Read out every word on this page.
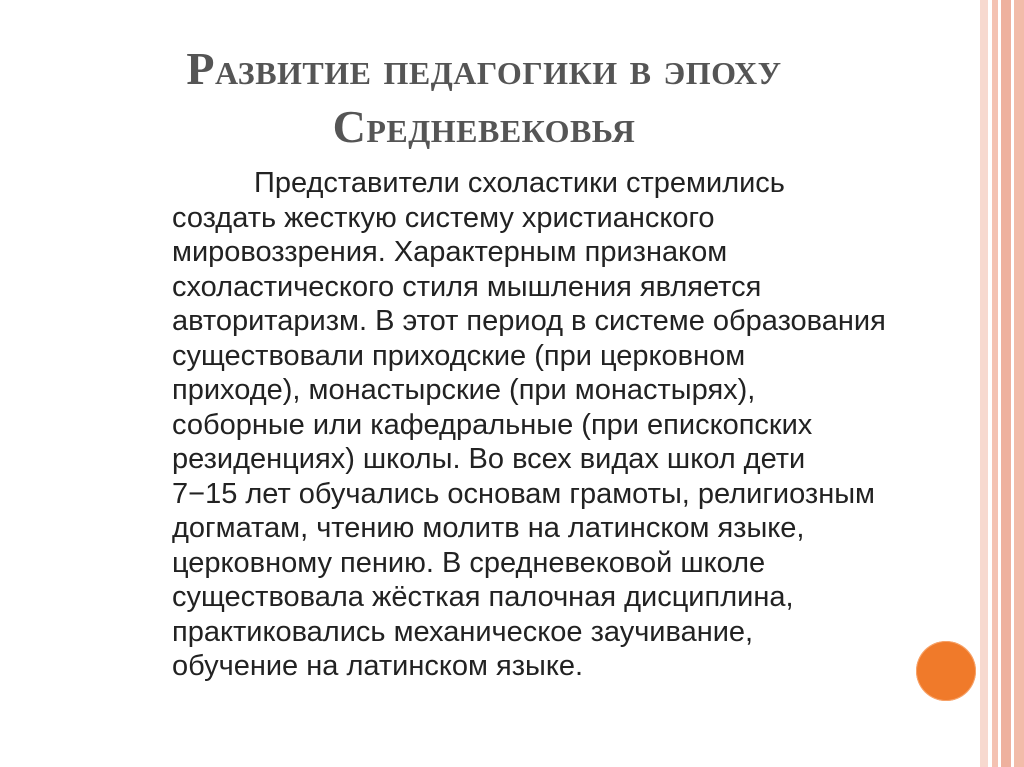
Развитие педагогики в эпоху
Средневековья
Представители схоластики стремились
создать жесткую систему христианского
мировоззрения. Характерным признаком
схоластического стиля мышления является
авторитаризм. В этот период в системе образования
существовали приходские (при церковном
приходе), монастырские (при монастырях),
соборные или кафедральные (при епископских
резиденциях) школы. Во всех видах школ дети
7−15 лет обучались основам грамоты, религиозным
догматам, чтению молитв на латинском языке,
церковному пению. В средневековой школе
существовала жёсткая палочная дисциплина,
практиковались механическое заучивание,
обучение на латинском языке.
